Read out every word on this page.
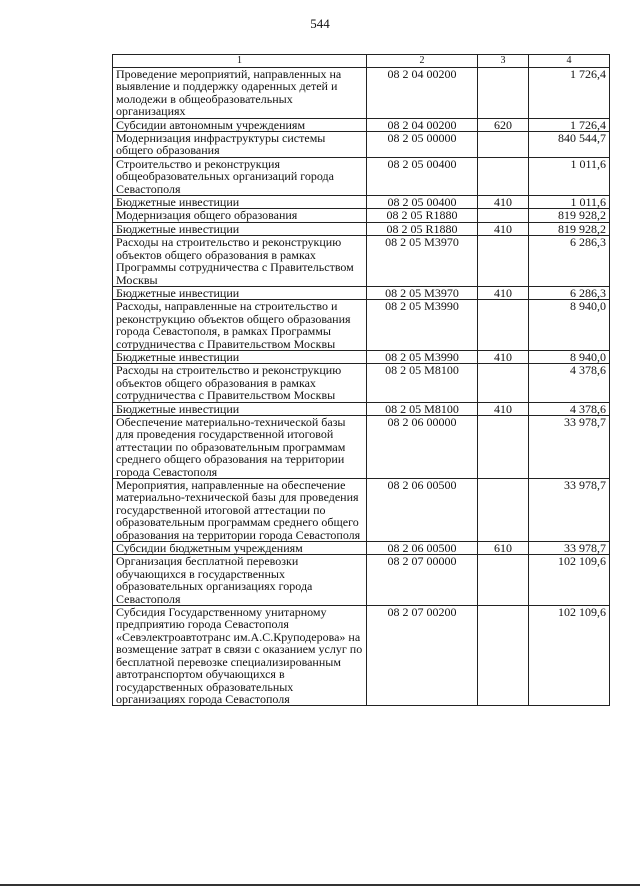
544
1	2	3	4
Проведение мероприятий, направленных на выявление и поддержку одаренных детей и молодежи в общеобразовательных организациях	08 2 04 00200		1 726,4
Субсидии автономным учреждениям	08 2 04 00200	620	1 726,4
Модернизация инфраструктуры системы общего образования	08 2 05 00000		840 544,7
Строительство и реконструкция общеобразовательных организаций города Севастополя	08 2 05 00400		1 011,6
Бюджетные инвестиции	08 2 05 00400	410	1 011,6
Модернизация общего образования	08 2 05 R1880		819 928,2
Бюджетные инвестиции	08 2 05 R1880	410	819 928,2
Расходы на строительство и реконструкцию объектов общего образования в рамках Программы сотрудничества с Правительством Москвы	08 2 05 M3970		6 286,3
Бюджетные инвестиции	08 2 05 M3970	410	6 286,3
Расходы, направленные на строительство и реконструкцию объектов общего образования города Севастополя, в рамках Программы сотрудничества с Правительством Москвы	08 2 05 M3990		8 940,0
Бюджетные инвестиции	08 2 05 M3990	410	8 940,0
Расходы на строительство и реконструкцию объектов общего образования в рамках сотрудничества с Правительством Москвы	08 2 05 M8100		4 378,6
Бюджетные инвестиции	08 2 05 M8100	410	4 378,6
Обеспечение материально-технической базы для проведения государственной итоговой аттестации по образовательным программам среднего общего образования на территории города Севастополя	08 2 06 00000		33 978,7
Мероприятия, направленные на обеспечение материально-технической базы для проведения государственной итоговой аттестации по образовательным программам среднего общего образования на территории города Севастополя	08 2 06 00500		33 978,7
Субсидии бюджетным учреждениям	08 2 06 00500	610	33 978,7
Организация бесплатной перевозки обучающихся в государственных образовательных организациях города Севастополя	08 2 07 00000		102 109,6
Субсидия Государственному унитарному предприятию города Севастополя «Севэлектроавтотранс им.А.С.Круподерова» на возмещение затрат в связи с оказанием услуг по бесплатной перевозке специализированным автотранспортом обучающихся в государственных образовательных организациях города Севастополя	08 2 07 00200		102 109,6
